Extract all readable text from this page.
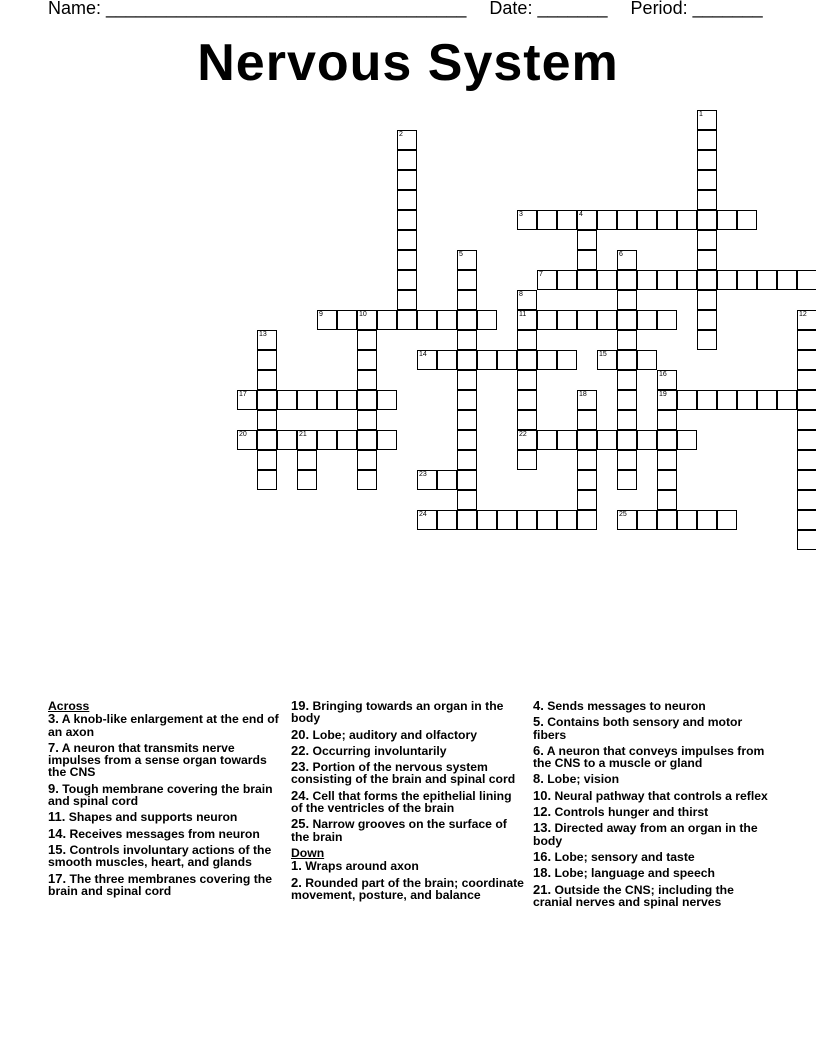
Name: ____________________________________ Date: _______ Period: _______
Nervous System
1
2
3	4
5	6
7
8
11
22
9	10	12
13
14	15
16
19
17	18
20	21
23
24	25
Across
3. A knob-like enlargement at the end of an axon
7. A neuron that transmits nerve impulses from a sense organ towards the CNS
9. Tough membrane covering the brain and spinal cord
11. Shapes and supports neuron
14. Receives messages from neuron
15. Controls involuntary actions of the smooth muscles, heart, and glands
17. The three membranes covering the brain and spinal cord
19. Bringing towards an organ in the body
20. Lobe; auditory and olfactory
22. Occurring involuntarily
23. Portion of the nervous system consisting of the brain and spinal cord
24. Cell that forms the epithelial lining of the ventricles of the brain
25. Narrow grooves on the surface of the brain
Down
1. Wraps around axon
2. Rounded part of the brain; coordinate movement, posture, and balance
4. Sends messages to neuron
5. Contains both sensory and motor fibers
6. A neuron that conveys impulses from the CNS to a muscle or gland
8. Lobe; vision
10. Neural pathway that controls a reflex
12. Controls hunger and thirst
13. Directed away from an organ in the body
16. Lobe; sensory and taste
18. Lobe; language and speech
21. Outside the CNS; including the cranial nerves and spinal nerves
